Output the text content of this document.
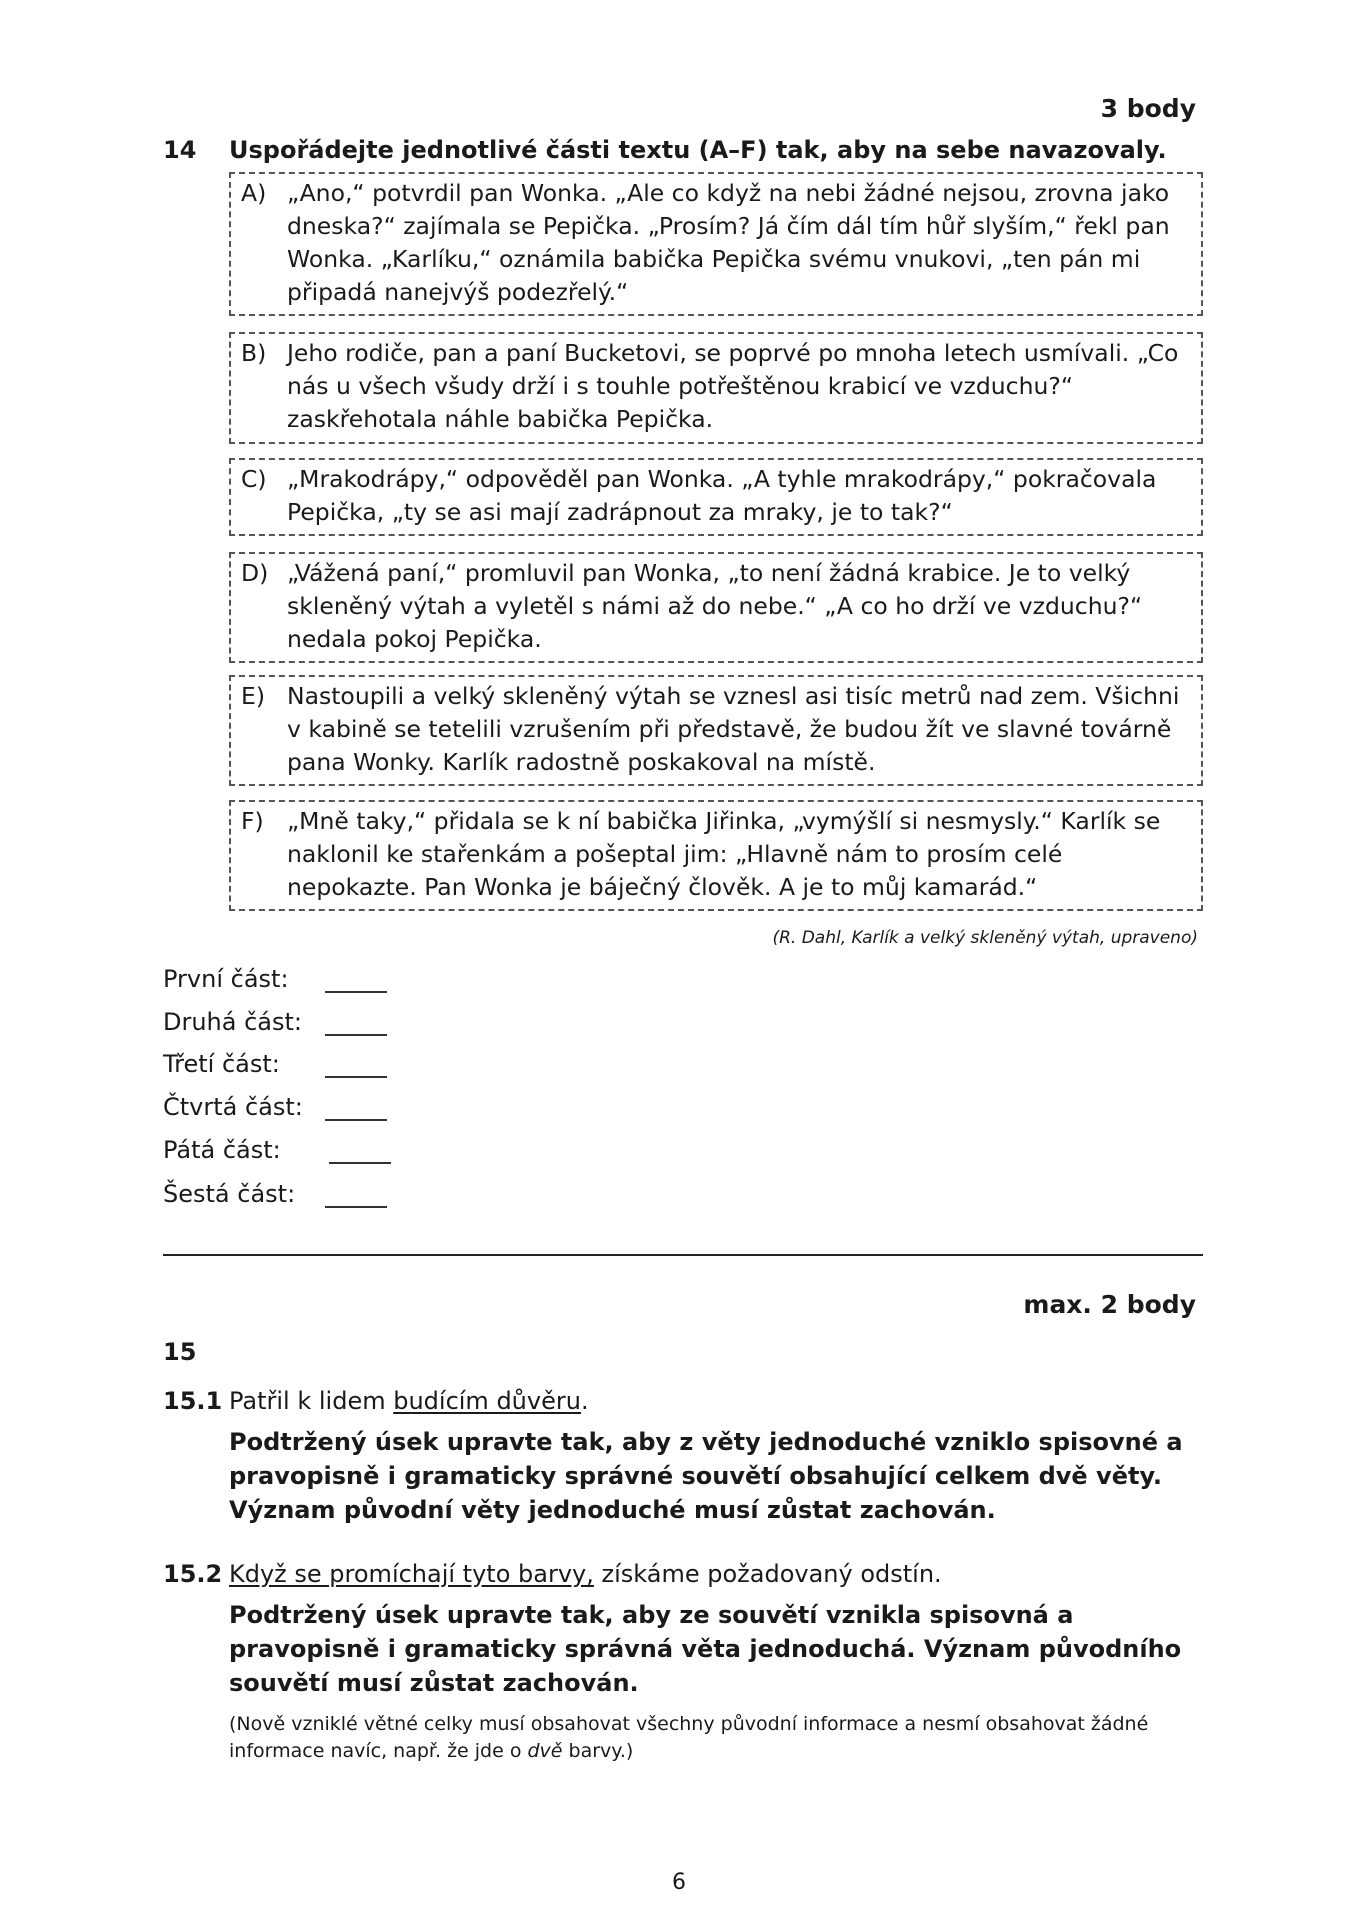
3 body
14 Uspořádejte jednotlivé části textu (A–F) tak, aby na sebe navazovaly.
A) „Ano,“ potvrdil pan Wonka. „Ale co když na nebi žádné nejsou, zrovna jako dneska?“ zajímala se Pepička. „Prosím? Já čím dál tím hůř slyším,“ řekl pan Wonka. „Karlíku,“ oznámila babička Pepička svému vnukovi, „ten pán mi připadá nanejvýš podezřelý.“
B) Jeho rodiče, pan a paní Bucketovi, se poprvé po mnoha letech usmívali. „Co nás u všech všudy drží i s touhle potřeštěnou krabicí ve vzduchu?“ zaskřehotala náhle babička Pepička.
C) „Mrakodrápy,“ odpověděl pan Wonka. „A tyhle mrakodrápy,“ pokračovala Pepička, „ty se asi mají zadrápnout za mraky, je to tak?“
D) „Vážená paní,“ promluvil pan Wonka, „to není žádná krabice. Je to velký skleněný výtah a vyletěl s námi až do nebe.“ „A co ho drží ve vzduchu?“ nedala pokoj Pepička.
E) Nastoupili a velký skleněný výtah se vznesl asi tisíc metrů nad zem. Všichni v kabině se tetelili vzrušením při představě, že budou žít ve slavné továrně pana Wonky. Karlík radostně poskakoval na místě.
F) „Mně taky,“ přidala se k ní babička Jiřinka, „vymýšlí si nesmysly.“ Karlík se naklonil ke stařenkám a pošeptal jim: „Hlavně nám to prosím celé nepokazte. Pan Wonka je báječný člověk. A je to můj kamarád.“
(R. Dahl, Karlík a velký skleněný výtah, upraveno)
První část:
Druhá část:
Třetí část:
Čtvrtá část:
Pátá část:
Šestá část:
max. 2 body
15
15.1 Patřil k lidem budícím důvěru.
Podtržený úsek upravte tak, aby z věty jednoduché vzniklo spisovné a pravopisně i gramaticky správné souvětí obsahující celkem dvě věty. Význam původní věty jednoduché musí zůstat zachován.
15.2 Když se promíchají tyto barvy, získáme požadovaný odstín.
Podtržený úsek upravte tak, aby ze souvětí vznikla spisovná a pravopisně i gramaticky správná věta jednoduchá. Význam původního souvětí musí zůstat zachován.
(Nově vzniklé větné celky musí obsahovat všechny původní informace a nesmí obsahovat žádné informace navíc, např. že jde o dvě barvy.)
6
